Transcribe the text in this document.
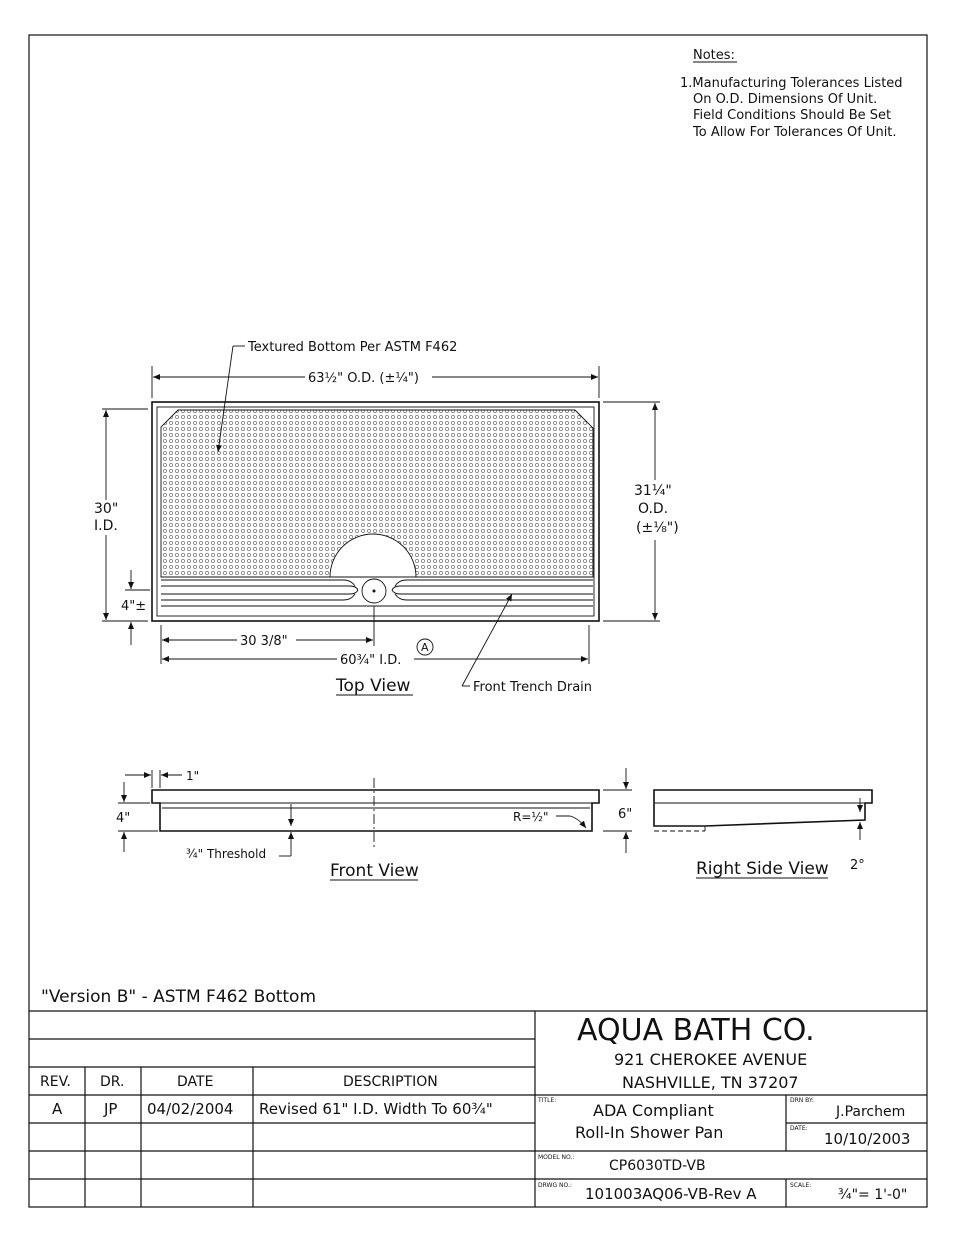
Notes:
1.Manufacturing Tolerances Listed
On O.D. Dimensions Of Unit.
Field Conditions Should Be Set
To Allow For Tolerances Of Unit.
Textured Bottom Per ASTM F462
63½" O.D. (±¼")
30"
I.D.
4"±
31¼"
O.D.
(±⅛")
30 3/8"
60¾" I.D.
A
Front Trench Drain
Top View
1"
4"	6"
R=½"
¾" Threshold
Front View	2°
Right Side View
"Version B" - ASTM F462 Bottom
REV. DR.	DATE	DESCRIPTION
A	JP 04/02/2004 Revised 61" I.D. Width To 60¾"
AQUA BATH CO.
921 CHEROKEE AVENUE
NASHVILLE, TN 37207
TITLE:
ADA Compliant
Roll-In Shower Pan
DRN BY:
J.Parchem
DATE:
10/10/2003
MODEL NO.:
CP6030TD-VB
DRWG NO.: 101003AQ06-VB-Rev A	SCALE:
¾"= 1'-0"
